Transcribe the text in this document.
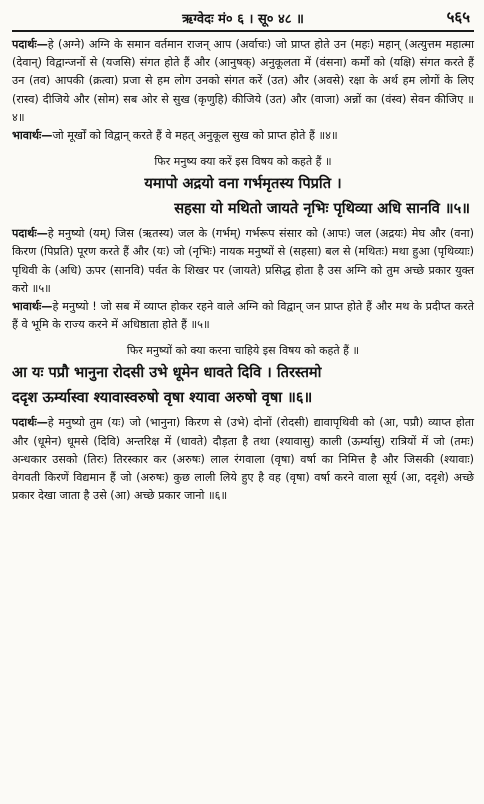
ऋग्वेदः मं० ६ । सू० ४८ ॥	५६५

पदार्थः—हे (अग्ने) अग्नि के समान वर्तमान राजन् आप (अर्वाचः) जो प्राप्त होते उन (महः) महान् (अत्युत्तम महात्मा (देवान्) विद्वान्जनों से (यजसि) संगत होते हैं और (आनुषक्) अनुकूलता में (वंसना) कर्मों को (यक्षि) संगत करते हैं उन (तव) आपकी (क्रत्वा) प्रजा से हम लोग उनको संगत करें (उत) और (अवसे) रक्षा के अर्थ हम लोगों के लिए (रास्व) दीजिये और (सोम) सब ओर से सुख (कृणुहि) कीजिये (उत) और (वाजा) अन्नों का (वंस्व) सेवन कीजिए ॥४॥

भावार्थः—जो मूर्खों को विद्वान् करते हैं वे महत् अनुकूल सुख को प्राप्त होते हैं ॥४॥

फिर मनुष्य क्या करें इस विषय को कहते हैं ॥

यमापो अद्रयो वना गर्भमृतस्य पिप्रति ।

सहसा यो मथितो जायते नृभिः पृथिव्या अधि सानवि ॥५॥

पदार्थः—हे मनुष्यो (यम्) जिस (ऋतस्य) जल के (गर्भम्) गर्भरूप संसार को (आपः) जल (अद्रयः) मेघ और (वना) किरण (पिप्रति) पूरण करते हैं और (यः) जो (नृभिः) नायक मनुष्यों से (सहसा) बल से (मथितः) मथा हुआ (पृथिव्याः) पृथिवी के (अधि) ऊपर (सानवि) पर्वत के शिखर पर (जायते) प्रसिद्ध होता है उस अग्नि को तुम अच्छे प्रकार युक्त करो ॥५॥

भावार्थः—हे मनुष्यो ! जो सब में व्याप्त होकर रहने वाले अग्नि को विद्वान् जन प्राप्त होते हैं और मथ के प्रदीप्त करते हैं वे भूमि के राज्य करने में अधिष्ठाता होते हैं ॥५॥

फिर मनुष्यों को क्या करना चाहिये इस विषय को कहते हैं ॥

आ यः पप्रौ भानुना रोदसी उभे धूमेन धावते दिवि । तिरस्तमो

ददृश ऊर्म्यास्वा श्यावास्वरुषो वृषा श्यावा अरुषो वृषा ॥६॥

पदार्थः—हे मनुष्यो तुम (यः) जो (भानुना) किरण से (उभे) दोनों (रोदसी) द्यावापृथिवी को (आ, पप्रौ) व्याप्त होता और (धूमेन) धूमसे (दिवि) अन्तरिक्ष में (धावते) दौड़ता है तथा (श्यावासु) काली (ऊर्म्यासु) रात्रियों में जो (तमः) अन्धकार उसको (तिरः) तिरस्कार कर (अरुषः) लाल रंगवाला (वृषा) वर्षा का निमित्त है और जिसकी (श्यावाः) वेगवती किरणें विद्यमान हैं जो (अरुषः) कुछ लाली लिये हुए है वह (वृषा) वर्षा करने वाला सूर्य (आ, ददृशे) अच्छे प्रकार देखा जाता है उसे (आ) अच्छे प्रकार जानो ॥६॥
